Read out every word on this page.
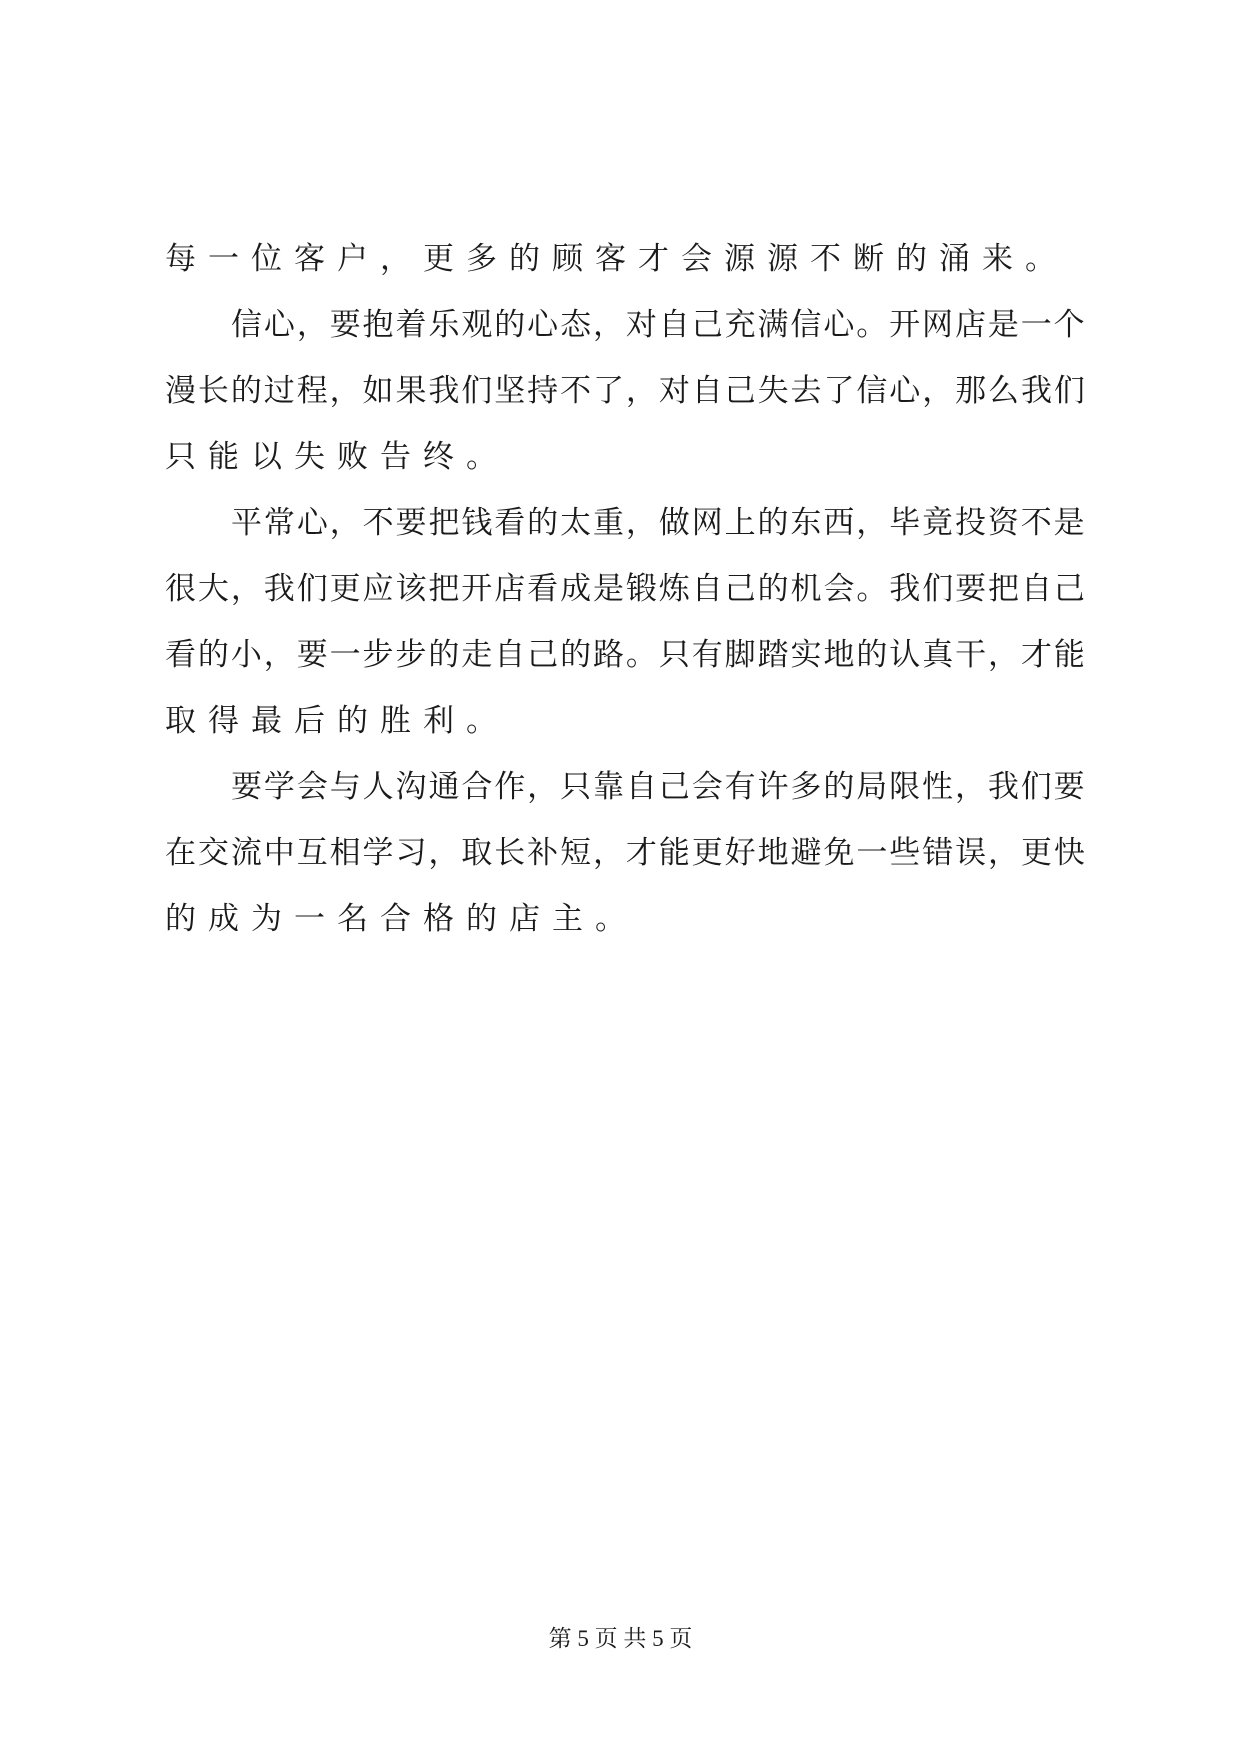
每一位客户，更多的顾客才会源源不断的涌来。
信 心 ， 要 抱 着 乐 观 的 心 态 ， 对 自 己 充 满 信 心 。 开 网 店 是 一 个
漫 长 的 过 程 ， 如 果 我 们 坚 持 不 了 ， 对 自 己 失 去 了 信 心 ， 那 么 我 们
只能以失败告终。
平 常 心 ， 不 要 把 钱 看 的 太 重 ， 做 网 上 的 东 西 ， 毕 竟 投 资 不 是
很 大 ， 我 们 更 应 该 把 开 店 看 成 是 锻 炼 自 己 的 机 会 。 我 们 要 把 自 己
看 的 小 ， 要 一 步 步 的 走 自 己 的 路 。 只 有 脚 踏 实 地 的 认 真 干 ， 才 能
取得最后的胜利。
要 学 会 与 人 沟 通 合 作 ， 只 靠 自 己 会 有 许 多 的 局 限 性 ， 我 们 要
在 交 流 中 互 相 学 习 ， 取 长 补 短 ， 才 能 更 好 地 避 免 一 些 错 误 ， 更 快
的成为一名合格的店主。
第 5 页 共 5 页
